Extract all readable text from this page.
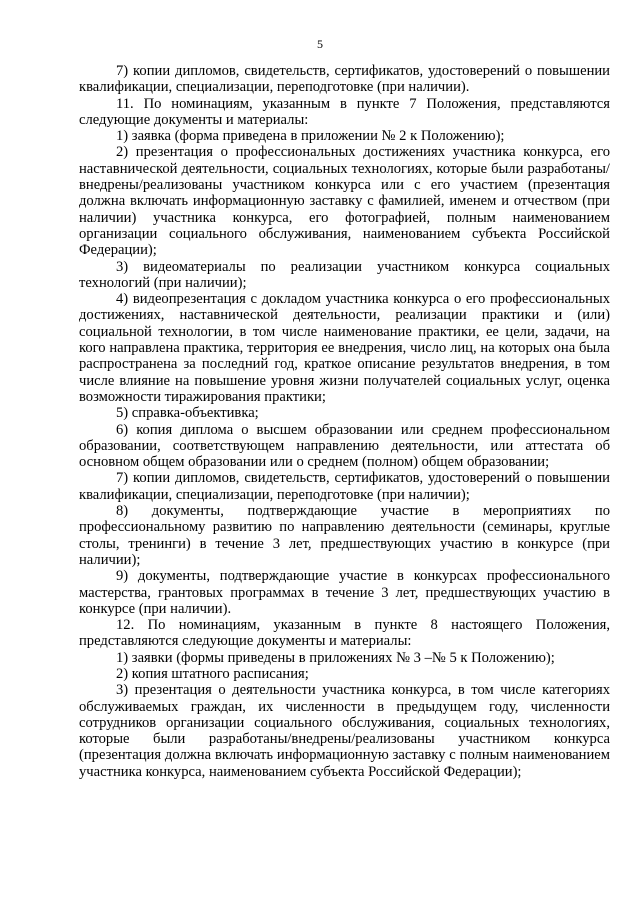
5

7) копии дипломов, свидетельств, сертификатов, удостоверений о повышении квалификации, специализации, переподготовке (при наличии).

11. По номинациям, указанным в пункте 7 Положения, представляются следующие документы и материалы:

1) заявка (форма приведена в приложении № 2 к Положению);

2) презентация о профессиональных достижениях участника конкурса, его наставнической деятельности, социальных технологиях, которые были разработаны/внедрены/реализованы участником конкурса или с его участием (презентация должна включать информационную заставку с фамилией, именем и отчеством (при наличии) участника конкурса, его фотографией, полным наименованием организации социального обслуживания, наименованием субъекта Российской Федерации);

3) видеоматериалы по реализации участником конкурса социальных технологий (при наличии);

4) видеопрезентация с докладом участника конкурса о его профессиональных достижениях, наставнической деятельности, реализации практики и (или) социальной технологии, в том числе наименование практики, ее цели, задачи, на кого направлена практика, территория ее внедрения, число лиц, на которых она была распространена за последний год, краткое описание результатов внедрения, в том числе влияние на повышение уровня жизни получателей социальных услуг, оценка возможности тиражирования практики;

5) справка-объективка;

6) копия диплома о высшем образовании или среднем профессиональном образовании, соответствующем направлению деятельности, или аттестата об основном общем образовании или о среднем (полном) общем образовании;

7) копии дипломов, свидетельств, сертификатов, удостоверений о повышении квалификации, специализации, переподготовке (при наличии);

8) документы, подтверждающие участие в мероприятиях по профессиональному развитию по направлению деятельности (семинары, круглые столы, тренинги) в течение 3 лет, предшествующих участию в конкурсе (при наличии);

9) документы, подтверждающие участие в конкурсах профессионального мастерства, грантовых программах в течение 3 лет, предшествующих участию в конкурсе (при наличии).

12. По номинациям, указанным в пункте 8 настоящего Положения, представляются следующие документы и материалы:

1) заявки (формы приведены в приложениях № 3 –№ 5 к Положению);

2) копия штатного расписания;

3) презентация о деятельности участника конкурса, в том числе категориях обслуживаемых граждан, их численности в предыдущем году, численности сотрудников организации социального обслуживания, социальных технологиях, которые были разработаны/внедрены/реализованы участником конкурса (презентация должна включать информационную заставку с полным наименованием участника конкурса, наименованием субъекта Российской Федерации);
